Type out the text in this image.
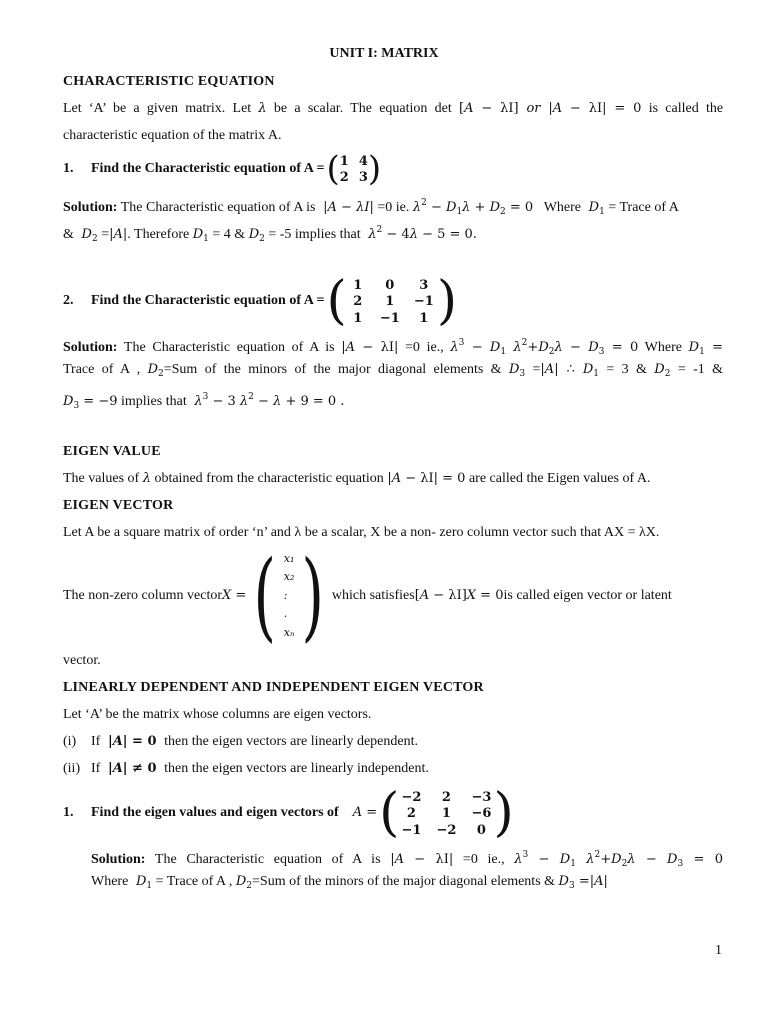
UNIT I: MATRIX
CHARACTERISTIC EQUATION
Let ‘A’ be a given matrix. Let λ be a scalar. The equation det [A − λI] or |A − λI| = 0 is called the
characteristic equation of the matrix A.
1.	Find the Characteristic equation of A = ( 1 4
2 3 )
Solution: The Characteristic equation of A is  |A − λI| =0 ie. $\lambda^2 - D_1\lambda + D_2 = 0$ Where $D_1$ = Trace of A
& $D_2 =|A|$. Therefore $D_1 = 4$ & $D_2 = -5$ implies that $\lambda^2 - 4\lambda - 5 = 0$.
2.	Find the Characteristic equation of A = ( 1	0	3
2	1	−1
1	−1	1 )
Solution: The Characteristic equation of A is |A − λI| =0 ie., $\lambda^3 - D_1$ $\lambda^2+D_2\lambda - D_3 = 0$ Where $D_1$ =
Trace of A , $D_2=Sum$ of the minors of the major diagonal elements & $D_3 =|A|$ ∴ $D_1 = 3$ & $D_2 = -1$ &
$D_3 = -9$ implies that $\lambda^3 - 3$ $\lambda^2 - \lambda + 9 = 0$ .
EIGEN VALUE
The values of λ obtained from the characteristic equation |A − λI| = 0 are called the Eigen values of A.
EIGEN VECTOR
Let A be a square matrix of order ‘n’ and λ be a scalar, X be a non- zero column vector such that AX = λX.
The non-zero column vector X = ( x₁
x₂
:
.
xₙ ) which satisfies [A − λI]X = 0 is called eigen vector or latent
vector.
LINEARLY DEPENDENT AND INDEPENDENT EIGEN VECTOR
Let ‘A’ be the matrix whose columns are eigen vectors.
(i) If |A| = 0 then the eigen vectors are linearly dependent.
(ii) If |A| ≠ 0 then the eigen vectors are linearly independent.
1.	Find the eigen values and eigen vectors of A = ( −2	2	−3
2	1	−6
−1 −2	0 )
Solution: The Characteristic equation of A is |A − λI| =0 ie., $\lambda^3 - D_1$ $\lambda^2+D_2\lambda - D_3 = 0$
Where $D_1$ = Trace of A , $D_2=Sum$ of the minors of the major diagonal elements & $D_3 =|A|$
1
